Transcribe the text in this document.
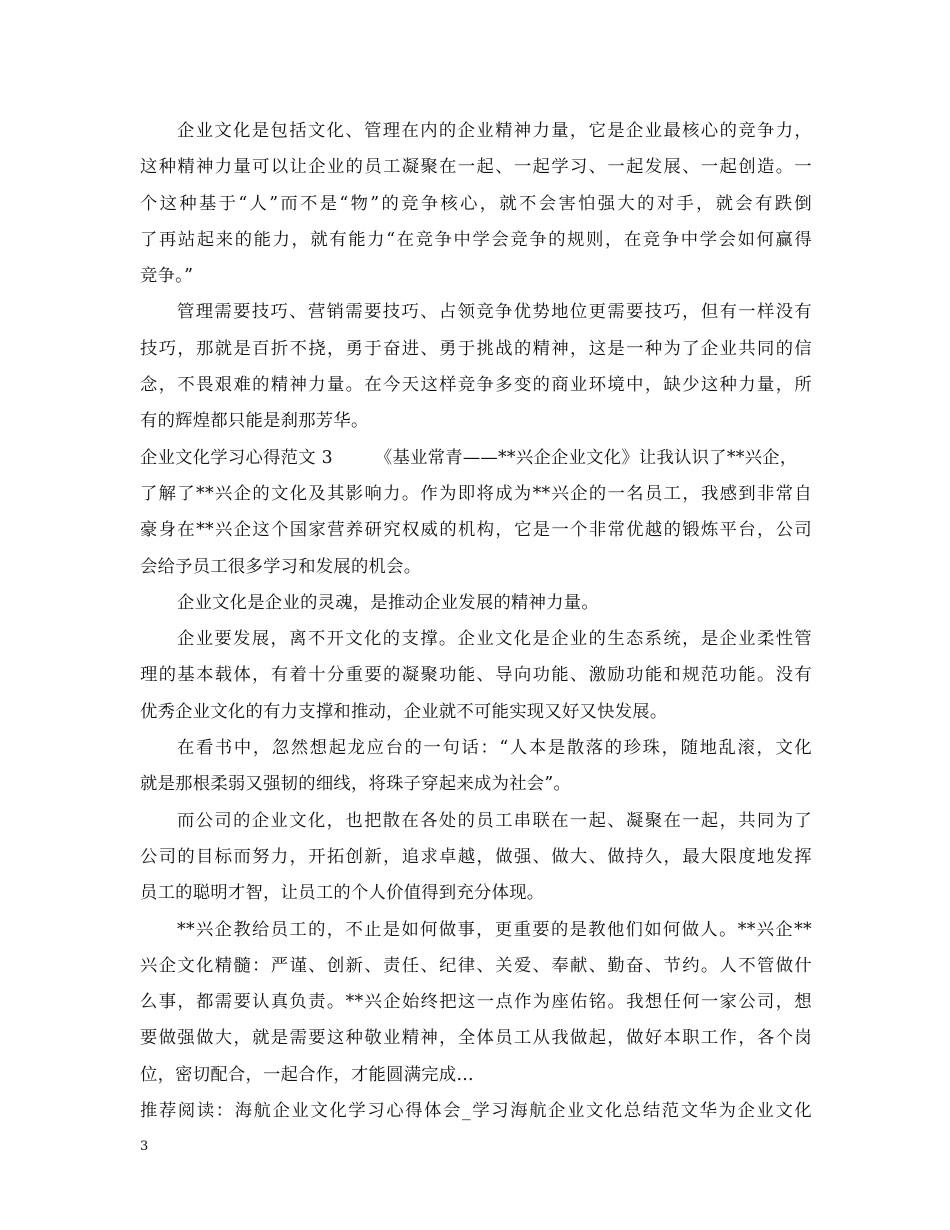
企业文化是包括文化、管理在内的企业精神力量，它是企业最核心的竞争力，
这种精神力量可以让企业的员工凝聚在一起、一起学习、一起发展、一起创造。一
个这种基于“人”而不是“物”的竞争核心，就不会害怕强大的对手，就会有跌倒
了再站起来的能力，就有能力“在竞争中学会竞争的规则，在竞争中学会如何赢得
竞争。”
管理需要技巧、营销需要技巧、占领竞争优势地位更需要技巧，但有一样没有
技巧，那就是百折不挠，勇于奋进、勇于挑战的精神，这是一种为了企业共同的信
念，不畏艰难的精神力量。在今天这样竞争多变的商业环境中，缺少这种力量，所
有的辉煌都只能是刹那芳华。
企业文化学习心得范文 3 《基业常青——**兴企企业文化》让我认识了**兴企，
了解了**兴企的文化及其影响力。作为即将成为**兴企的一名员工，我感到非常自
豪身在**兴企这个国家营养研究权威的机构，它是一个非常优越的锻炼平台，公司
会给予员工很多学习和发展的机会。
企业文化是企业的灵魂，是推动企业发展的精神力量。
企业要发展，离不开文化的支撑。企业文化是企业的生态系统，是企业柔性管
理的基本载体，有着十分重要的凝聚功能、导向功能、激励功能和规范功能。没有
优秀企业文化的有力支撑和推动，企业就不可能实现又好又快发展。
在看书中，忽然想起龙应台的一句话：“人本是散落的珍珠，随地乱滚，文化
就是那根柔弱又强韧的细线，将珠子穿起来成为社会”。
而公司的企业文化，也把散在各处的员工串联在一起、凝聚在一起，共同为了
公司的目标而努力，开拓创新，追求卓越，做强、做大、做持久，最大限度地发挥
员工的聪明才智，让员工的个人价值得到充分体现。
**兴企教给员工的，不止是如何做事，更重要的是教他们如何做人。**兴企**
兴企文化精髓：严谨、创新、责任、纪律、关爱、奉献、勤奋、节约。人不管做什
么事，都需要认真负责。**兴企始终把这一点作为座佑铭。我想任何一家公司，想
要做强做大，就是需要这种敬业精神，全体员工从我做起，做好本职工作，各个岗
位，密切配合，一起合作，才能圆满完成...
推荐阅读：海航企业文化学习心得体会_学习海航企业文化总结范文华为企业文化
3
